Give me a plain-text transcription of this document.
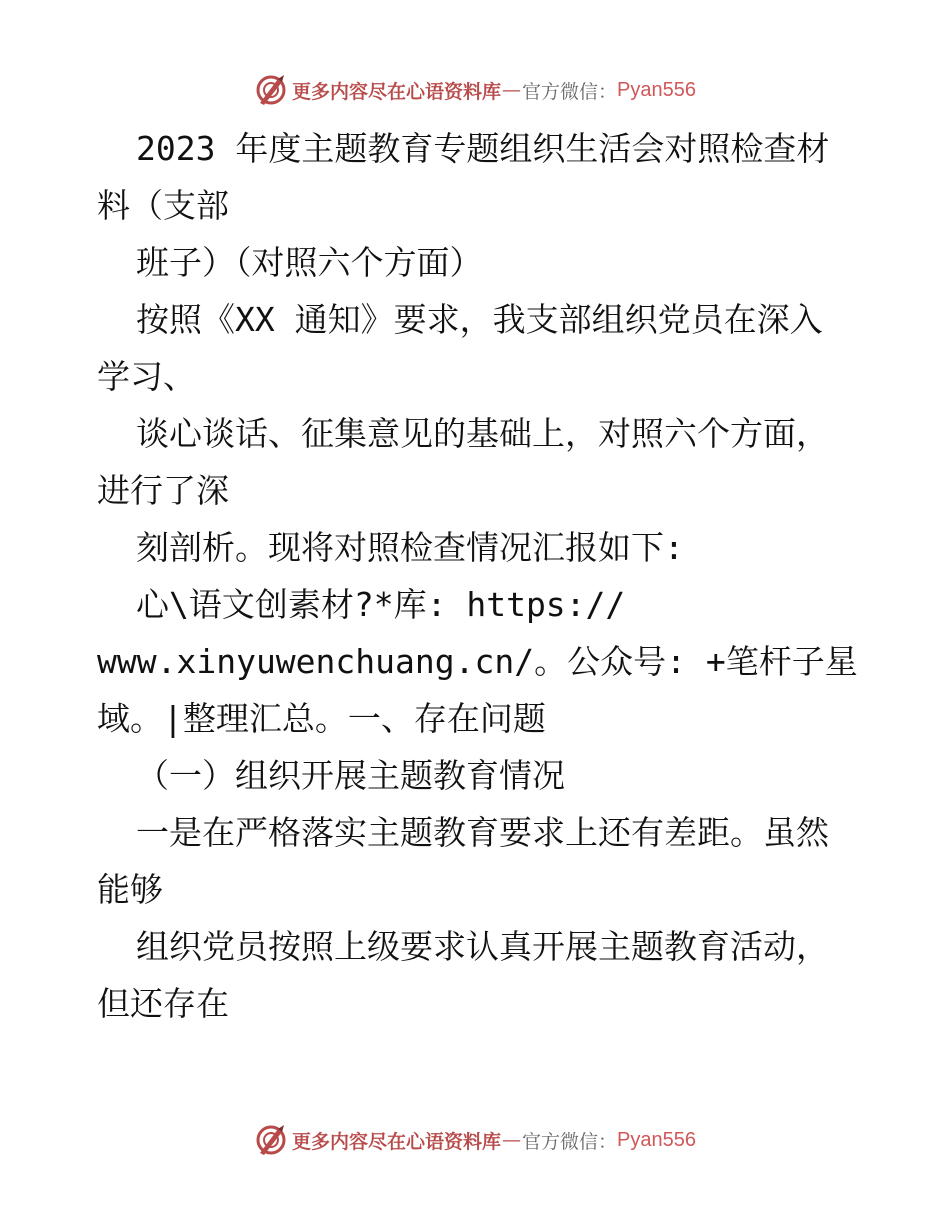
更多内容尽在心语资料库 — 官方微信： Pyan556
2023 年度主题教育专题组织生活会对照检查材
料（支部
班子）（对照六个方面）
按照《XX 通知》要求，我支部组织党员在深入
学习、
谈心谈话、征集意见的基础上，对照六个方面，
进行了深
刻剖析。现将对照检查情况汇报如下:
心\语文创素材?*库: https://
www.xinyuwenchuang.cn/。公众号: +笔杆子星
域。|整理汇总。一、存在问题
（一）组织开展主题教育情况
一是在严格落实主题教育要求上还有差距。虽然
能够
组织党员按照上级要求认真开展主题教育活动，
但还存在
更多内容尽在心语资料库 — 官方微信： Pyan556
